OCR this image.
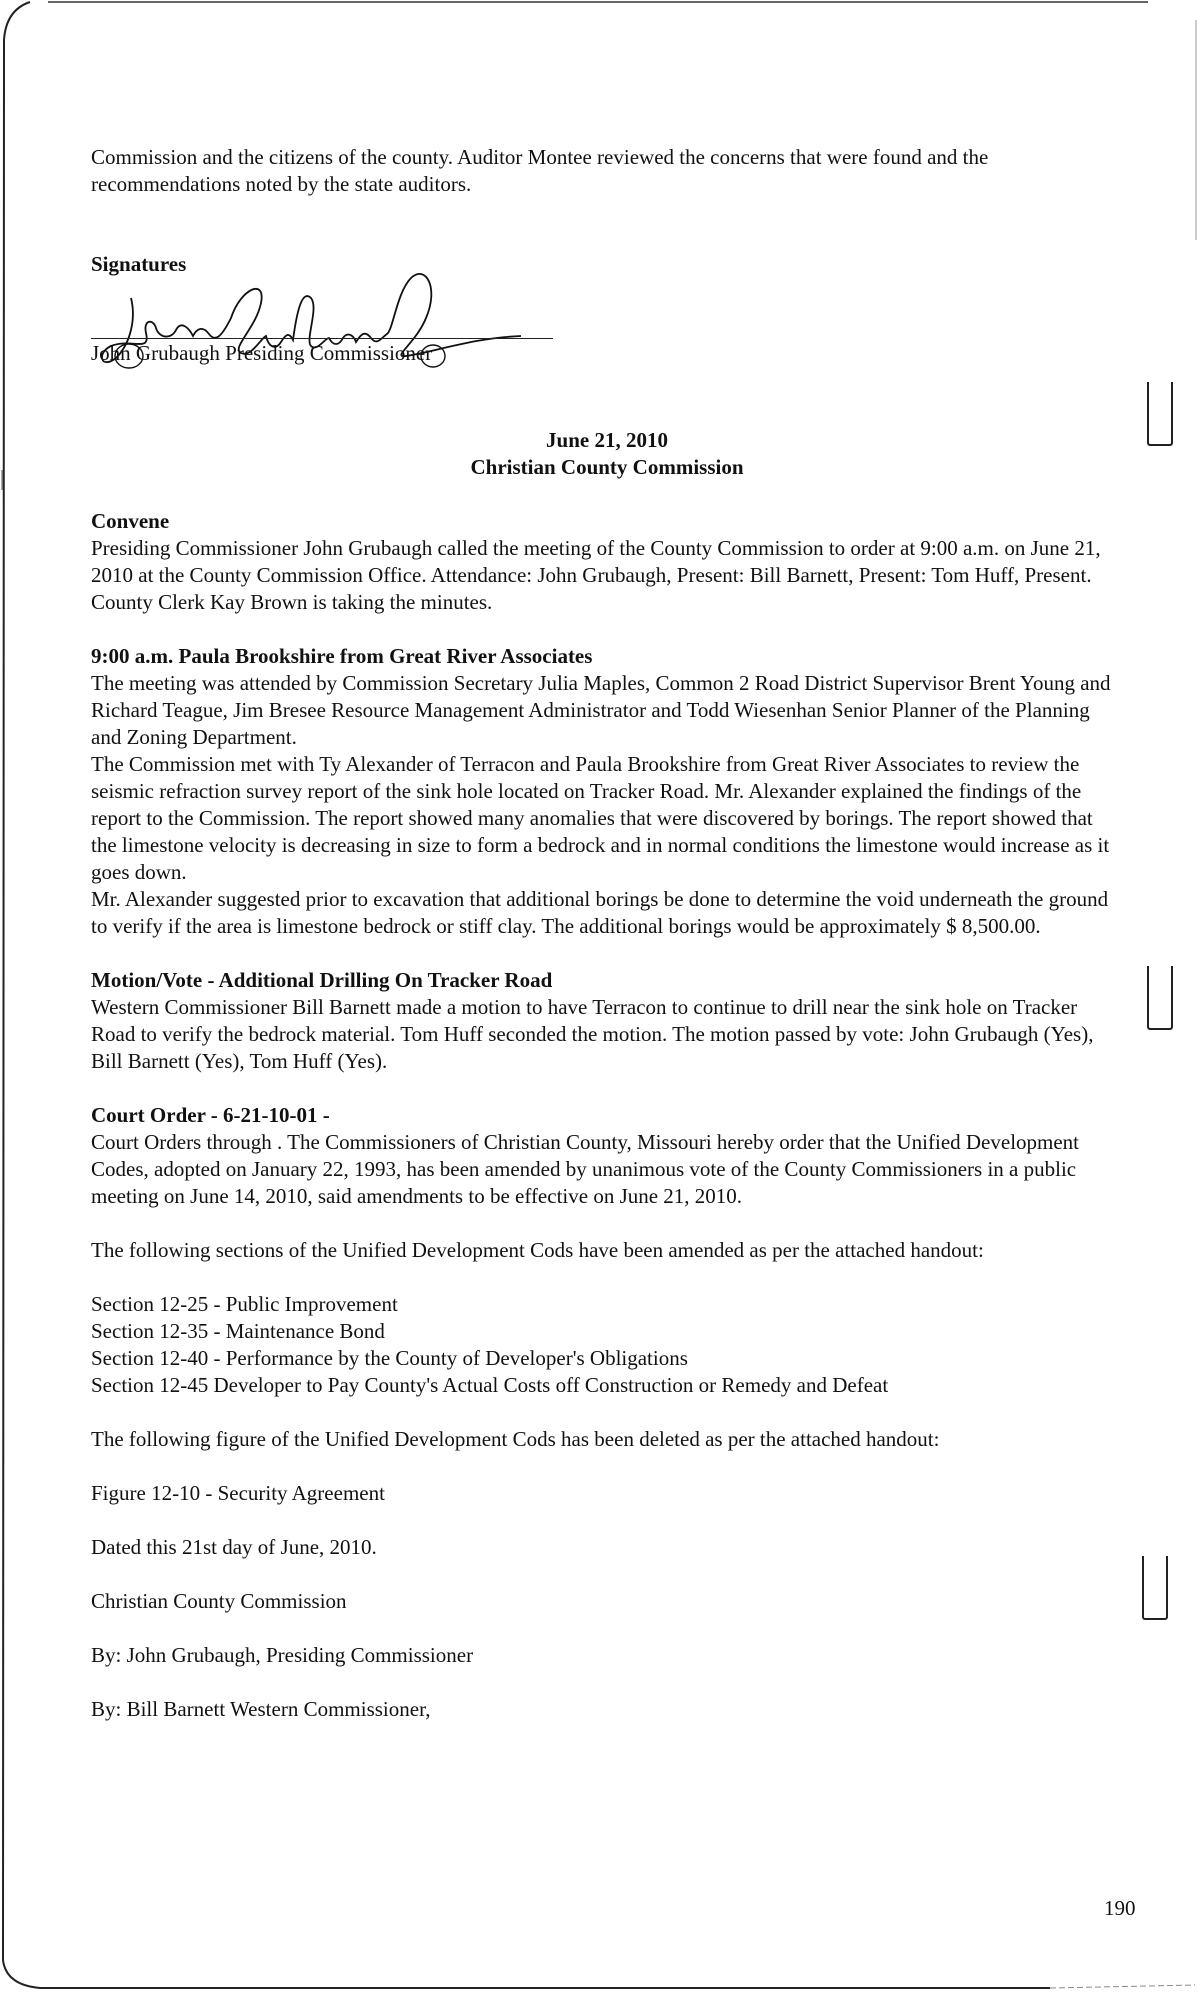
Commission and the citizens of the county. Auditor Montee reviewed the concerns that were found and the

recommendations noted by the state auditors.

Signatures

John Grubaugh Presiding Commissioner

June 21, 2010

Christian County Commission

Convene

Presiding Commissioner John Grubaugh called the meeting of the County Commission to order at 9:00 a.m. on June 21, 2010 at the County Commission Office. Attendance: John Grubaugh, Present: Bill Barnett, Present: Tom Huff, Present. County Clerk Kay Brown is taking the minutes.

9:00 a.m. Paula Brookshire from Great River Associates

The meeting was attended by Commission Secretary Julia Maples, Common 2 Road District Supervisor Brent Young and Richard Teague, Jim Bresee Resource Management Administrator and Todd Wiesenhan Senior Planner of the Planning and Zoning Department.

The Commission met with Ty Alexander of Terracon and Paula Brookshire from Great River Associates to review the seismic refraction survey report of the sink hole located on Tracker Road. Mr. Alexander explained the findings of the report to the Commission. The report showed many anomalies that were discovered by borings. The report showed that the limestone velocity is decreasing in size to form a bedrock and in normal conditions the limestone would increase as it goes down.

Mr. Alexander suggested prior to excavation that additional borings be done to determine the void underneath the ground to verify if the area is limestone bedrock or stiff clay. The additional borings would be approximately $ 8,500.00.

Motion/Vote - Additional Drilling On Tracker Road

Western Commissioner Bill Barnett made a motion to have Terracon to continue to drill near the sink hole on Tracker Road to verify the bedrock material. Tom Huff seconded the motion. The motion passed by vote: John Grubaugh (Yes), Bill Barnett (Yes), Tom Huff (Yes).

Court Order - 6-21-10-01 -

Court Orders through . The Commissioners of Christian County, Missouri hereby order that the Unified Development Codes, adopted on January 22, 1993, has been amended by unanimous vote of the County Commissioners in a public meeting on June 14, 2010, said amendments to be effective on June 21, 2010.

The following sections of the Unified Development Cods have been amended as per the attached handout:

Section 12-25 - Public Improvement

Section 12-35 - Maintenance Bond

Section 12-40 - Performance by the County of Developer's Obligations

Section 12-45 Developer to Pay County's Actual Costs off Construction or Remedy and Defeat

The following figure of the Unified Development Cods has been deleted as per the attached handout:

Figure 12-10 - Security Agreement

Dated this 21st day of June, 2010.

Christian County Commission

By: John Grubaugh, Presiding Commissioner

By: Bill Barnett Western Commissioner,

190
